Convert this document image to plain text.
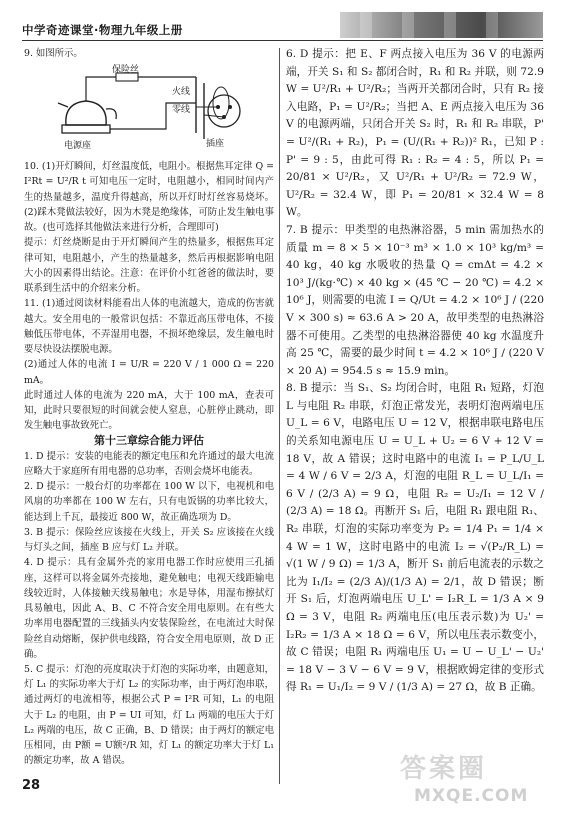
中学奇迹课堂·物理九年级上册

9. 如图所示。

保险丝
电源座
火线
零线
插座

10. (1)开灯瞬间，灯丝温度低，电阻小。根据焦耳定律 Q = I²Rt = U²/R t 可知电压一定时，电阻越小，相同时间内产生的热量越多，温度升得越高，所以开灯时灯丝容易烧坏。(2)踩木凳做法较好，因为木凳是绝缘体，可防止发生触电事故。(也可选择其他做法来进行分析，合理即可)

提示：灯丝烧断是由于开灯瞬间产生的热量多，根据焦耳定律可知，电阻越小，产生的热量越多，然后再根据影响电阻大小的因素得出结论。注意：在评价小红爸爸的做法时，要联系到生活中的介绍来分析。

11. (1)通过阅读材料能看出人体的电流越大，造成的伤害就越大。安全用电的一般常识包括：不靠近高压带电体，不接触低压带电体，不弄湿用电器，不损坏绝缘层，发生触电时要尽快设法摆脱电源。

(2)通过人体的电流 I = U/R = 220 V / 1 000 Ω = 220 mA。

此时通过人体的电流为 220 mA，大于 100 mA，查表可知，此时只要很短的时间就会使人窒息，心脏停止跳动，即发生触电事故致死亡。

第十三章综合能力评估

1. D 提示：安装的电能表的额定电压和允许通过的最大电流应略大于家庭所有用电器的总功率，否则会烧坏电能表。

2. D 提示：一般台灯的功率都在 100 W 以下，电视机和电风扇的功率都在 100 W 左右，只有电饭锅的功率比较大，能达到上千瓦，最接近 800 W，故正确选项为 D。

3. B 提示：保险丝应该接在火线上，开关 S₂ 应该接在火线与灯头之间，插座 B 应与灯 L₂ 并联。

4. D 提示：具有金属外壳的家用电器工作时应使用三孔插座，这样可以将金属外壳接地，避免触电；电视天线距输电线较近时，人体接触天线易触电；水是导体，用湿布擦拭灯具易触电，因此 A、B、C 不符合安全用电原则。在有些大功率用电器配置的三线插头内安装保险丝，在电流过大时保险丝自动熔断，保护供电线路，符合安全用电原则，故 D 正确。

5. C 提示：灯泡的亮度取决于灯泡的实际功率，由题意知，灯 L₁ 的实际功率大于灯 L₂ 的实际功率，由于两灯泡串联，通过两灯的电流相等，根据公式 P = I²R 可知，L₁ 的电阻大于 L₂ 的电阻，由 P = UI 可知，灯 L₁ 两端的电压大于灯 L₂ 两端的电压，故 C 正确，B、D 错误；由于两灯的额定电压相同，由 P额 = U额²/R 知，灯 L₁ 的额定功率大于灯 L₁ 的额定功率，故 A 错误。

6. D 提示：把 E、F 两点接入电压为 36 V 的电源两端，开关 S₁ 和 S₂ 都闭合时，R₁ 和 R₂ 并联，则 72.9 W = U²/R₁ + U²/R₂；当两开关都闭合时，只有 R₂ 接入电路，P₁ = U²/R₂；当把 A、E 两点接入电压为 36 V 的电源两端，只闭合开关 S₂ 时，R₁ 和 R₂ 串联，P' = U²/(R₁ + R₂)，P₁ = (U/(R₁ + R₂))² R₁，已知 P : P' = 9 : 5，由此可得 R₁ : R₂ = 4 : 5，所以 P₁ = 20/81 × U²/R₂，又 U²/R₁ + U²/R₂ = 72.9 W，U²/R₂ = 32.4 W，即 P₁ = 20/81 × 32.4 W = 8 W。

7. B 提示：甲类型的电热淋浴器，5 min 需加热水的质量 m = 8 × 5 × 10⁻³ m³ × 1.0 × 10³ kg/m³ = 40 kg，40 kg 水吸收的热量 Q = cmΔt = 4.2 × 10³ J/(kg·℃) × 40 kg × (45 ℃ − 20 ℃) = 4.2 × 10⁶ J，则需要的电流 I = Q/Ut = 4.2 × 10⁶ J / (220 V × 300 s) ≈ 63.6 A > 20 A，故甲类型的电热淋浴器不可使用。乙类型的电热淋浴器使 40 kg 水温度升高 25 ℃，需要的最少时间 t = 4.2 × 10⁶ J / (220 V × 20 A) = 954.5 s ≈ 15.9 min。

8. B 提示：当 S₁、S₂ 均闭合时，电阻 R₁ 短路，灯泡 L 与电阻 R₂ 串联，灯泡正常发光，表明灯泡两端电压 U_L = 6 V，电路电压 U = 12 V，根据串联电路电压的关系知电源电压 U = U_L + U₂ = 6 V + 12 V = 18 V，故 A 错误；这时电路中的电流 I₁ = P_L/U_L = 4 W / 6 V = 2/3 A，灯泡的电阻 R_L = U_L/I₁ = 6 V / (2/3 A) = 9 Ω，电阻 R₂ = U₂/I₁ = 12 V / (2/3 A) = 18 Ω。再断开 S₁ 后，电阻 R₁ 跟电阻 R₁、R₂ 串联，灯泡的实际功率变为 P₂ = 1/4 P₁ = 1/4 × 4 W = 1 W，这时电路中的电流 I₂ = √(P₂/R_L) = √(1 W / 9 Ω) = 1/3 A，断开 S₁ 前后电流表的示数之比为 I₁/I₂ = (2/3 A)/(1/3 A) = 2/1，故 D 错误；断开 S₁ 后，灯泡两端电压 U_L' = I₂R_L = 1/3 A × 9 Ω = 3 V，电阻 R₂ 两端电压(电压表示数)为 U₂' = I₂R₂ = 1/3 A × 18 Ω = 6 V，所以电压表示数变小，故 C 错误；电阻 R₁ 两端电压 U₁ = U − U_L' − U₂' = 18 V − 3 V − 6 V = 9 V，根据欧姆定律的变形式得 R₁ = U₁/I₂ = 9 V / (1/3 A) = 27 Ω，故 B 正确。

28
答案圈
MXQE.COM
